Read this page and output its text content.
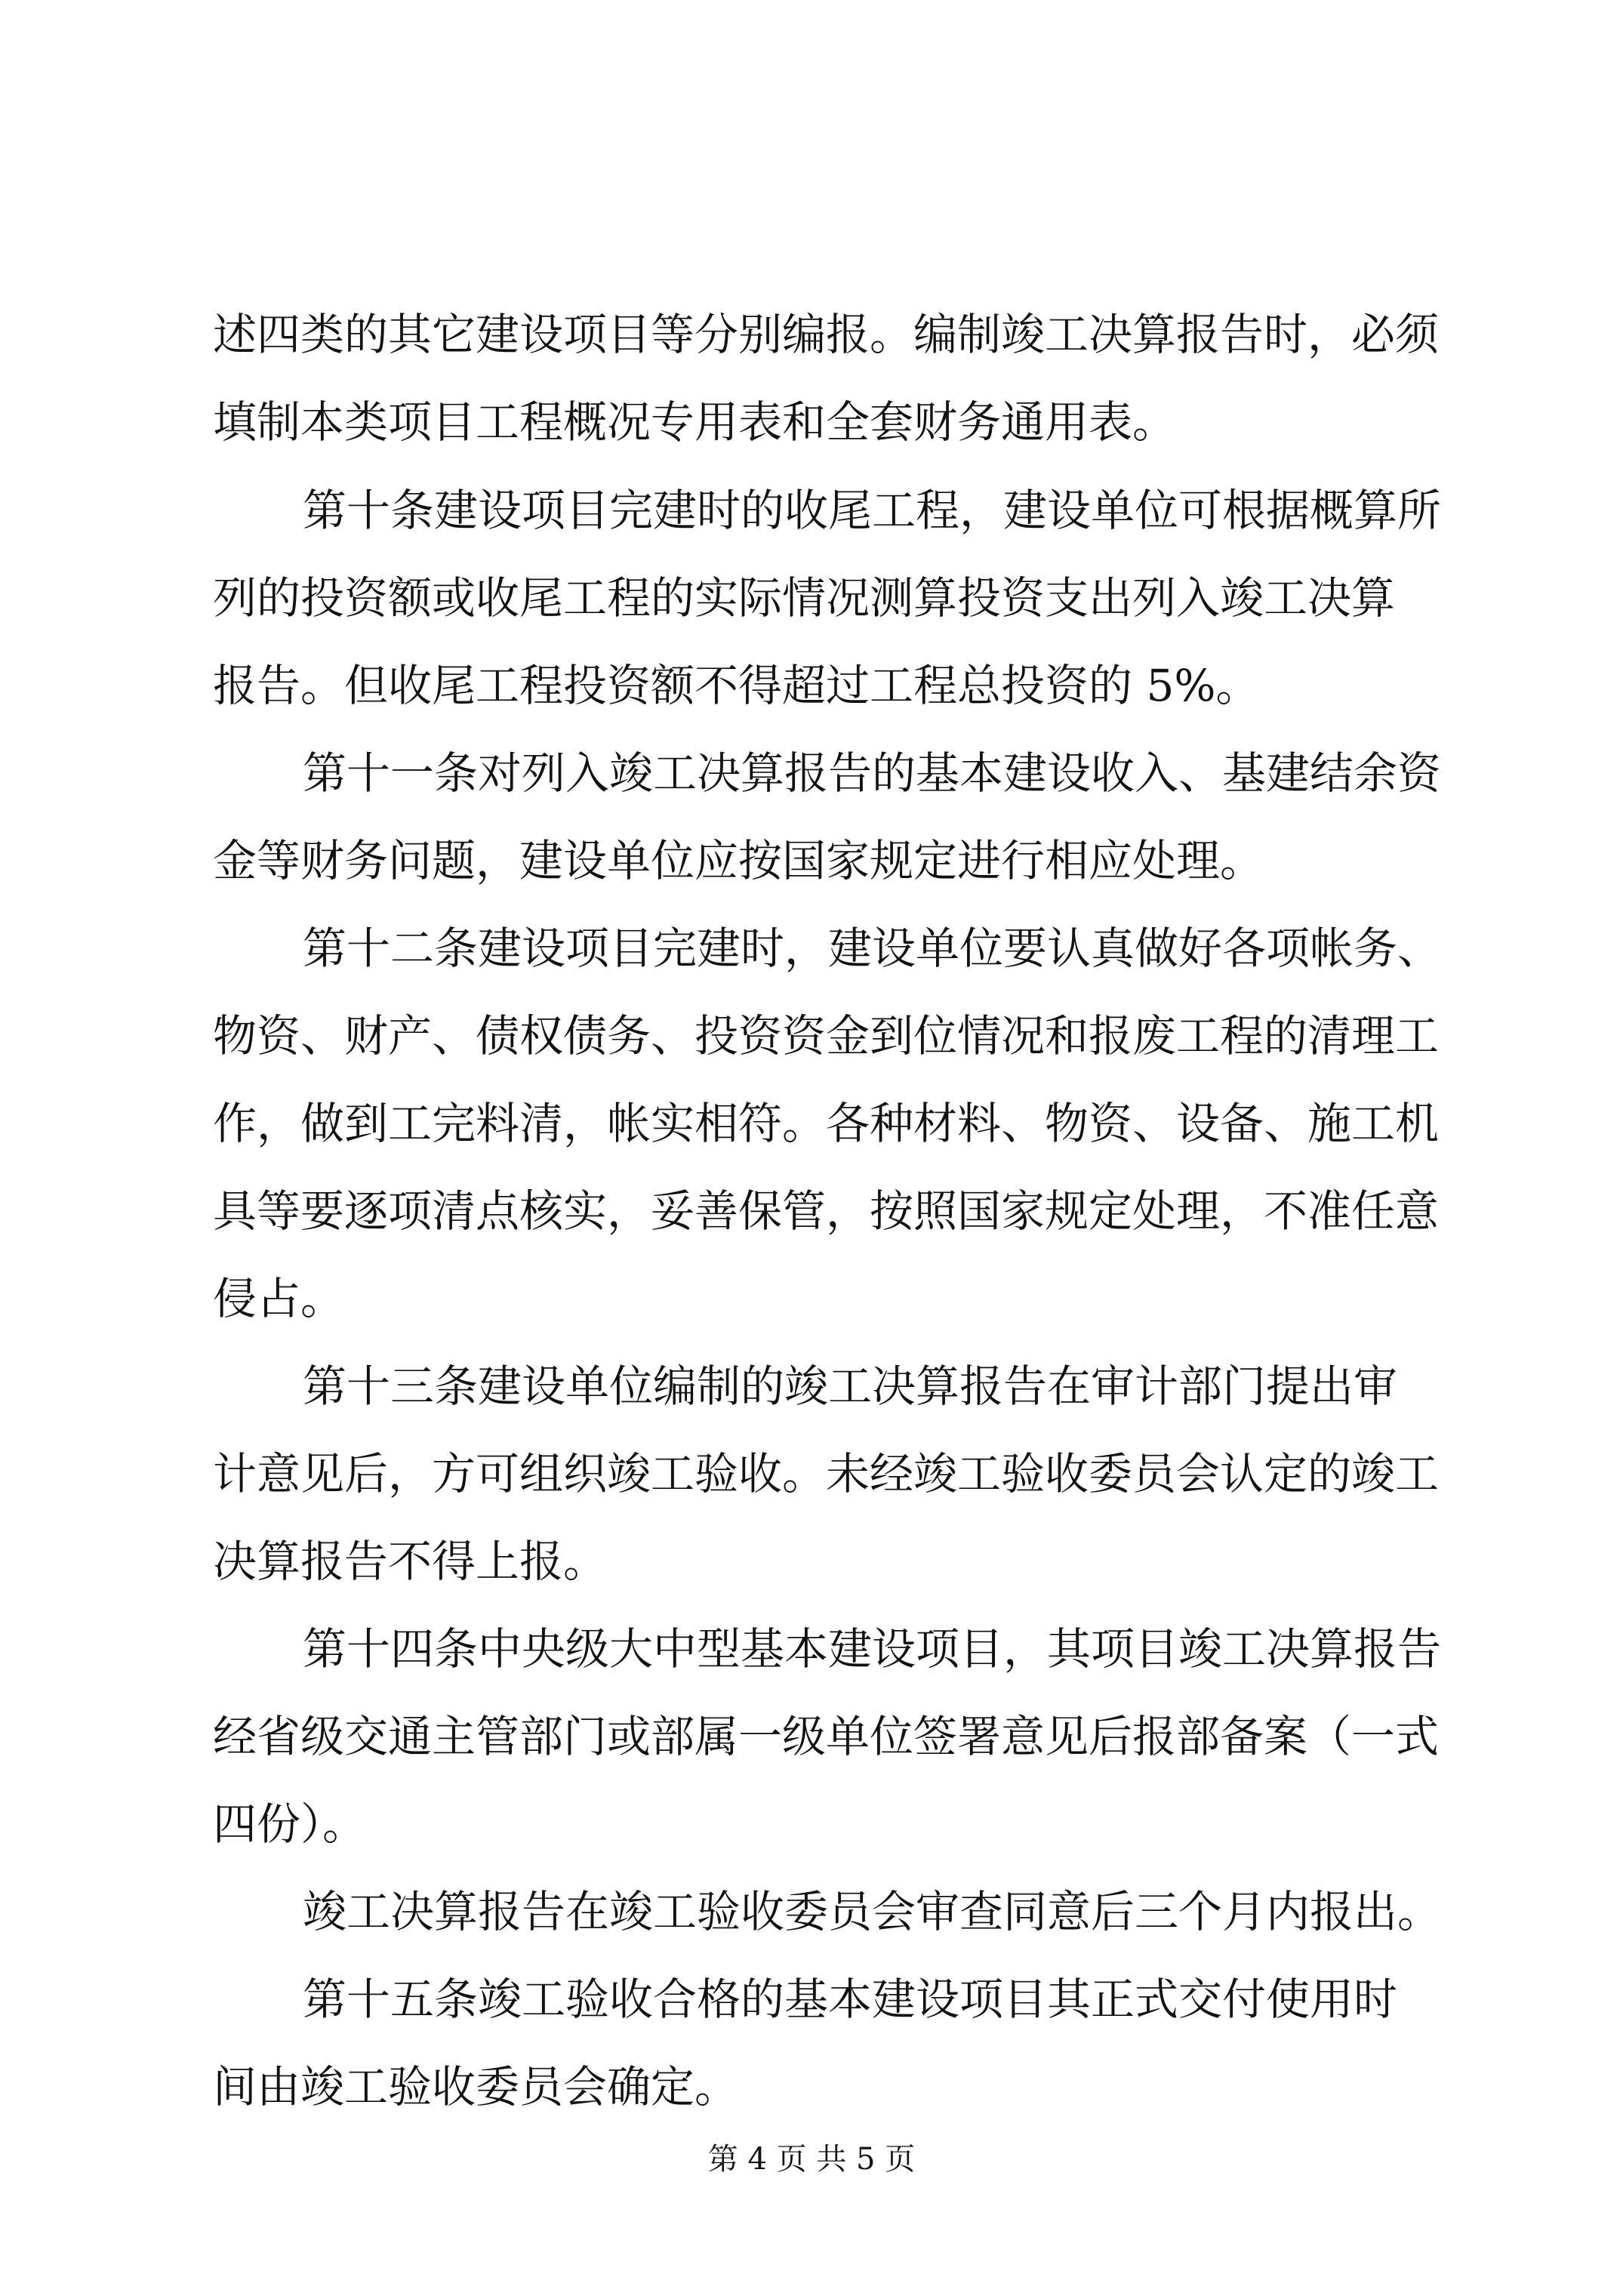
述四类的其它建设项目等分别编报。编制竣工决算报告时，必须
填制本类项目工程概况专用表和全套财务通用表。
第十条建设项目完建时的收尾工程，建设单位可根据概算所
列的投资额或收尾工程的实际情况测算投资支出列入竣工决算
报告。但收尾工程投资额不得超过工程总投资的 5%。
第十一条对列入竣工决算报告的基本建设收入、基建结余资
金等财务问题，建设单位应按国家规定进行相应处理。
第十二条建设项目完建时，建设单位要认真做好各项帐务、
物资、财产、债权债务、投资资金到位情况和报废工程的清理工
作，做到工完料清，帐实相符。各种材料、物资、设备、施工机
具等要逐项清点核实，妥善保管，按照国家规定处理，不准任意
侵占。
第十三条建设单位编制的竣工决算报告在审计部门提出审
计意见后，方可组织竣工验收。未经竣工验收委员会认定的竣工
决算报告不得上报。
第十四条中央级大中型基本建设项目，其项目竣工决算报告
经省级交通主管部门或部属一级单位签署意见后报部备案（一式
四份）。
竣工决算报告在竣工验收委员会审查同意后三个月内报出。
第十五条竣工验收合格的基本建设项目其正式交付使用时
间由竣工验收委员会确定。
第 4 页 共 5 页
